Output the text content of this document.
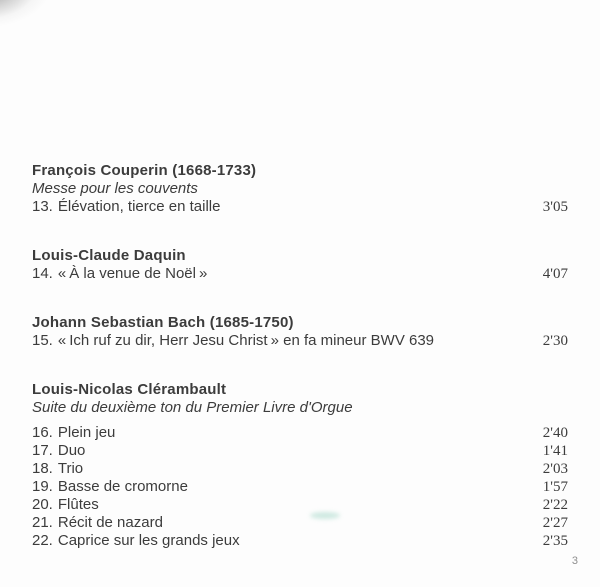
François Couperin (1668-1733)
Messe pour les couvents
13. Élévation, tierce en taille	3'05
Louis-Claude Daquin
14. « À la venue de Noël »	4'07
Johann Sebastian Bach (1685-1750)
15. « Ich ruf zu dir, Herr Jesu Christ » en fa mineur BWV 639	2'30
Louis-Nicolas Clérambault
Suite du deuxième ton du Premier Livre d'Orgue
16. Plein jeu	2'40
17. Duo	1'41
18. Trio	2'03
19. Basse de cromorne	1'57
20. Flûtes	2'22
21. Récit de nazard	2'27
22. Caprice sur les grands jeux	2'35
3
